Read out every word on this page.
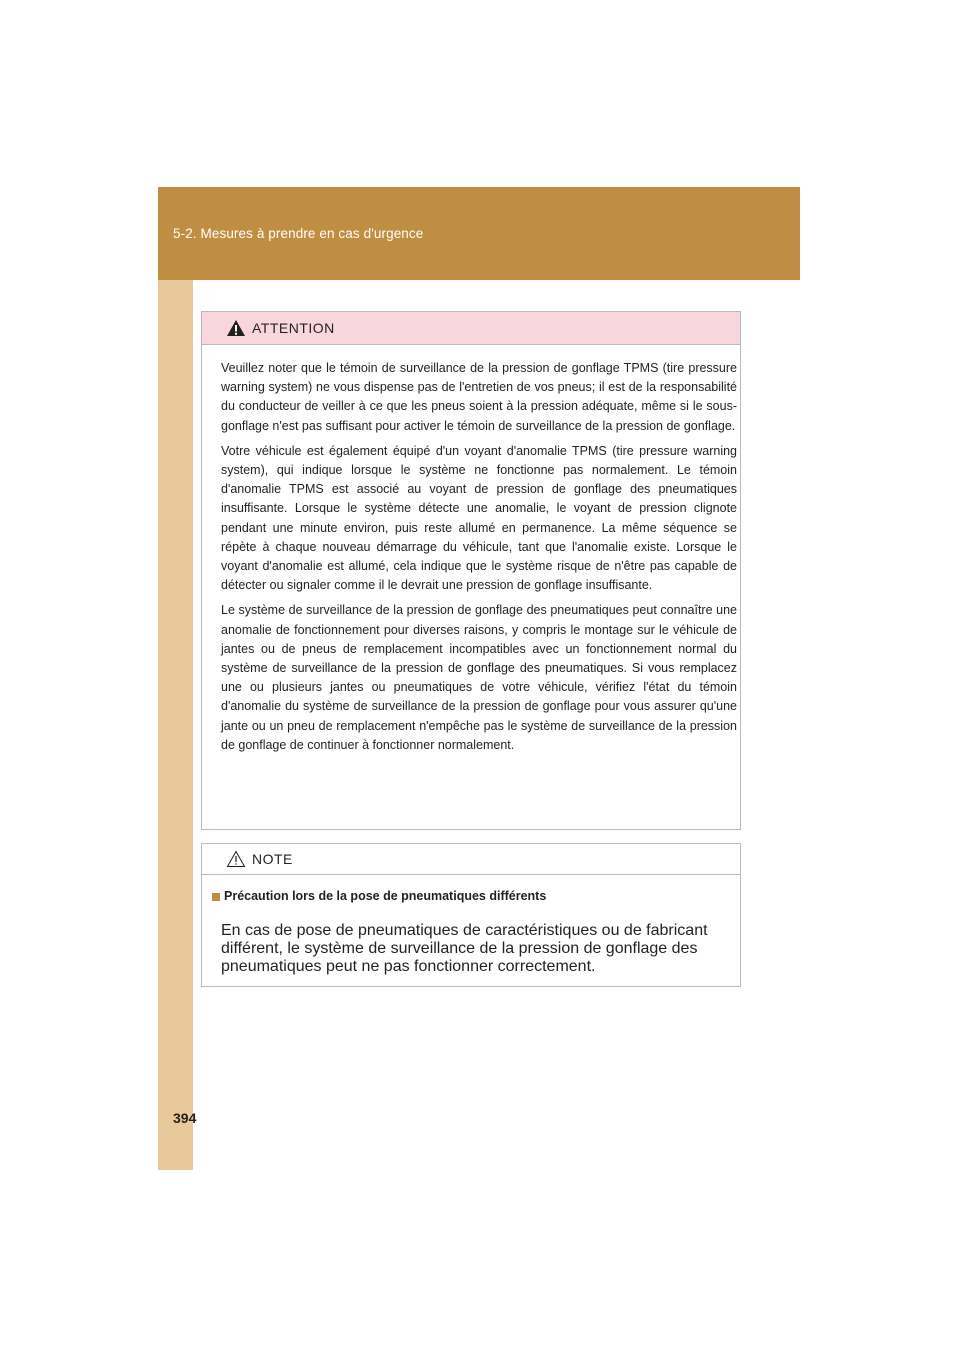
5-2. Mesures à prendre en cas d'urgence
ATTENTION

Veuillez noter que le témoin de surveillance de la pression de gonflage TPMS (tire pressure warning system) ne vous dispense pas de l'entretien de vos pneus; il est de la responsabilité du conducteur de veiller à ce que les pneus soient à la pression adéquate, même si le sous-gonflage n'est pas suffisant pour activer le témoin de surveillance de la pression de gonflage.

Votre véhicule est également équipé d'un voyant d'anomalie TPMS (tire pressure warning system), qui indique lorsque le système ne fonctionne pas normalement. Le témoin d'anomalie TPMS est associé au voyant de pression de gonflage des pneumatiques insuffisante. Lorsque le système détecte une anomalie, le voyant de pression clignote pendant une minute environ, puis reste allumé en permanence. La même séquence se répète à chaque nouveau démarrage du véhicule, tant que l'anomalie existe. Lorsque le voyant d'anomalie est allumé, cela indique que le système risque de n'être pas capable de détecter ou signaler comme il le devrait une pression de gonflage insuffisante.

Le système de surveillance de la pression de gonflage des pneumatiques peut connaître une anomalie de fonctionnement pour diverses raisons, y compris le montage sur le véhicule de jantes ou de pneus de remplacement incompatibles avec un fonctionnement normal du système de surveillance de la pression de gonflage des pneumatiques. Si vous remplacez une ou plusieurs jantes ou pneumatiques de votre véhicule, vérifiez l'état du témoin d'anomalie du système de surveillance de la pression de gonflage pour vous assurer qu'une jante ou un pneu de remplacement n'empêche pas le système de surveillance de la pression de gonflage de continuer à fonctionner normalement.

NOTE
Précaution lors de la pose de pneumatiques différents

En cas de pose de pneumatiques de caractéristiques ou de fabricant différent, le système de surveillance de la pression de gonflage des pneumatiques peut ne pas fonctionner correctement.

394
